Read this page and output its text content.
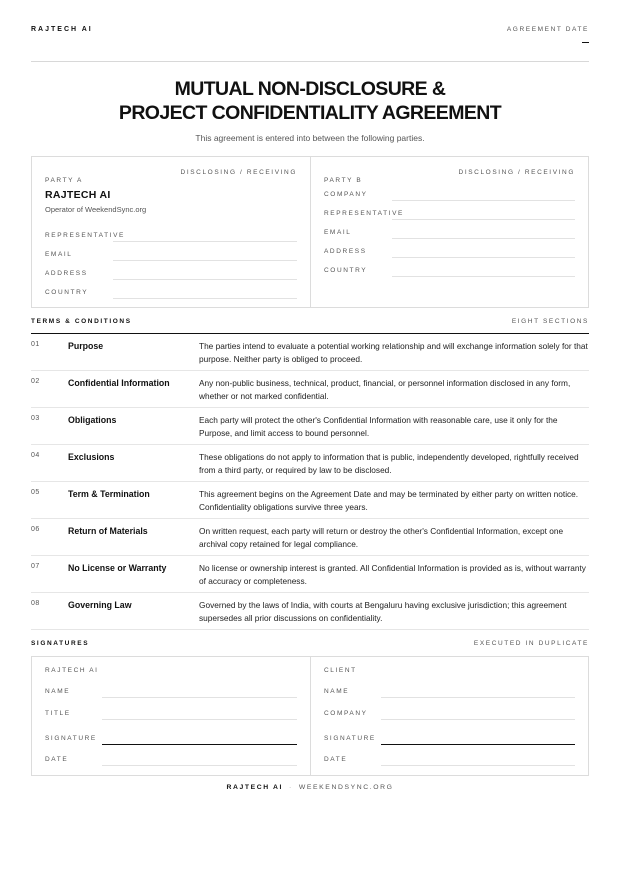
RAJTECH AI	AGREEMENT DATE
MUTUAL NON-DISCLOSURE &
PROJECT CONFIDENTIALITY AGREEMENT
This agreement is entered into between the following parties.
PARTY A
DISCLOSING / RECEIVING
RAJTECH AI
Operator of WeekendSync.org
REPRESENTATIVE
EMAIL
ADDRESS
COUNTRY
PARTY B
DISCLOSING / RECEIVING
COMPANY
REPRESENTATIVE
EMAIL
ADDRESS
COUNTRY
TERMS & CONDITIONS	EIGHT SECTIONS
01	Purpose	The parties intend to evaluate a potential working relationship and will exchange information solely for that purpose. Neither party is obliged to proceed.
02	Confidential Information	Any non-public business, technical, product, financial, or personnel information disclosed in any form, whether or not marked confidential.
03	Obligations	Each party will protect the other's Confidential Information with reasonable care, use it only for the Purpose, and limit access to bound personnel.
04	Exclusions	These obligations do not apply to information that is public, independently developed, rightfully received from a third party, or required by law to be disclosed.
05	Term & Termination	This agreement begins on the Agreement Date and may be terminated by either party on written notice. Confidentiality obligations survive three years.
06	Return of Materials	On written request, each party will return or destroy the other's Confidential Information, except one archival copy retained for legal compliance.
07	No License or Warranty	No license or ownership interest is granted. All Confidential Information is provided as is, without warranty of accuracy or completeness.
08	Governing Law	Governed by the laws of India, with courts at Bengaluru having exclusive jurisdiction; this agreement supersedes all prior discussions on confidentiality.
SIGNATURES	EXECUTED IN DUPLICATE
RAJTECH AI
NAME
TITLE
SIGNATURE
DATE
CLIENT
NAME
COMPANY
SIGNATURE
DATE
RAJTECH AI · WEEKENDSYNC.ORG
